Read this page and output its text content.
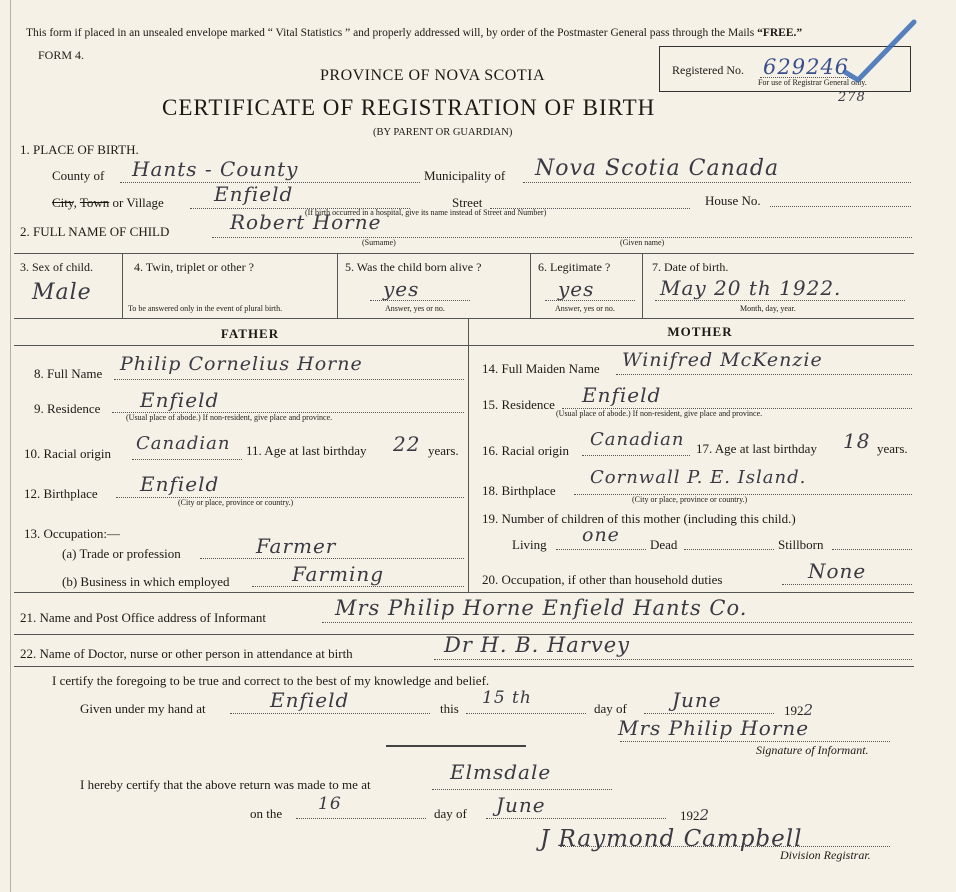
This form if placed in an unsealed envelope marked “ Vital Statistics ” and properly addressed will, by order of the Postmaster General pass through the Mails “FREE.”
FORM 4.
PROVINCE OF NOVA SCOTIA
CERTIFICATE OF REGISTRATION OF BIRTH
(BY PARENT OR GUARDIAN)
Registered No. 629246
For use of Registrar General only.
278
1. PLACE OF BIRTH.
County of Hants - County	Municipality of Nova Scotia Canada
City, Town or Village	Enfield	Street	House No.
(If birth occurred in a hospital, give its name instead of Street and Number)
2. FULL NAME OF CHILD	Robert Horne
(Surname)	(Given name)
3. Sex of child.
Male
4. Twin, triplet or other ?
To be answered only in the event of plural birth.
5. Was the child born alive ?
yes
Answer, yes or no.
6. Legitimate ?
yes
Answer, yes or no.
7. Date of birth.
May 20 th 1922.
Month, day, year.
FATHER	MOTHER
8. Full Name Philip Cornelius Horne
9. Residence Enfield
(Usual place of abode.) If non-resident, give place and province.
10. Racial origin Canadian 11. Age at last birthday 22 years.
12. Birthplace Enfield
(City or place, province or country.)
13. Occupation:—
(a) Trade or profession	Farmer
(b) Business in which employed	Farming
14. Full Maiden Name Winifred McKenzie
15. Residence Enfield
(Usual place of abode.) If non-resident, give place and province.
16. Racial origin
Canadian 17. Age at last birthday 18 years.
18. Birthplace
Cornwall P. E. Island.
(City or place, province or country.)
19. Number of children of this mother (including this child.)
Living one Dead	Stillborn
20. Occupation, if other than household duties	None
21. Name and Post Office address of Informant	Mrs Philip Horne Enfield Hants Co.
22. Name of Doctor, nurse or other person in attendance at birth	Dr H. B. Harvey
I certify the foregoing to be true and correct to the best of my knowledge and belief.
Given under my hand at	Enfield	this
15 th
day of June	1922
Mrs Philip Horne
Signature of Informant.
I hereby certify that the above return was made to me at
Elmsdale
on the 16	day of June	1922
J Raymond Campbell
Division Registrar.
